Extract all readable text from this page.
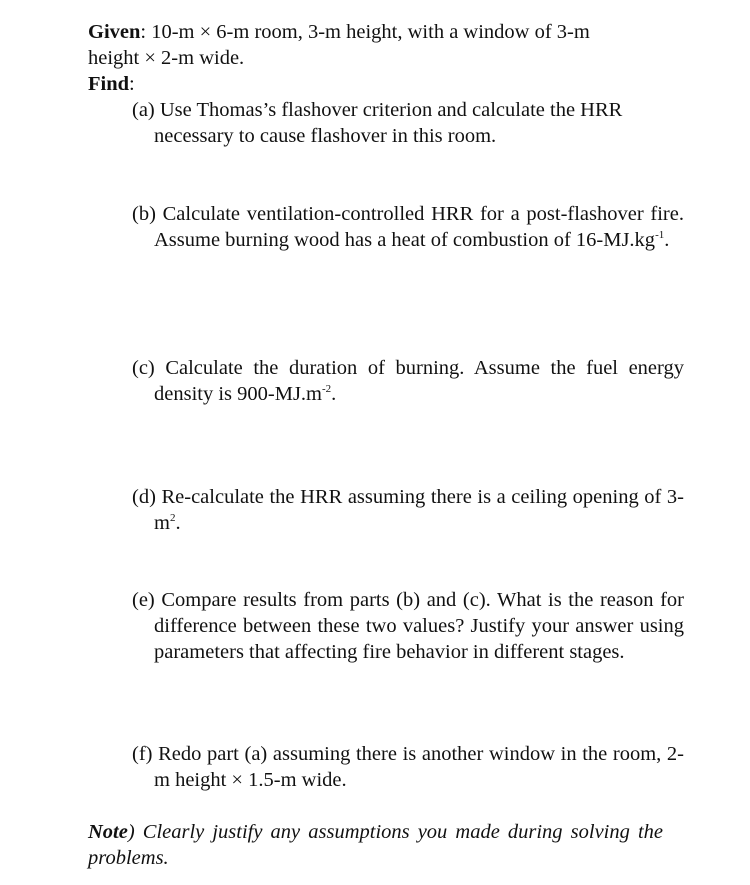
Given: 10-m × 6-m room, 3-m height, with a window of 3-m
height × 2-m wide.
Find:
(a) Use Thomas’s flashover criterion and calculate the HRR
necessary to cause flashover in this room.
(b) Calculate ventilation-controlled HRR for a post-flashover fire. Assume burning wood has a heat of combustion of $16-MJ.kg^{-1}$.
(c) Calculate the duration of burning. Assume the fuel energy density is $900-MJ.m^{-2}$.
(d) Re-calculate the HRR assuming there is a ceiling opening of $3-m^2$.
(e) Compare results from parts (b) and (c). What is the reason for difference between these two values? Justify your answer using parameters that affecting fire behavior in different stages.
(f) Redo part (a) assuming there is another window in the room, 2-m height × 1.5-m wide.
Note) Clearly justify any assumptions you made during solving the problems.
